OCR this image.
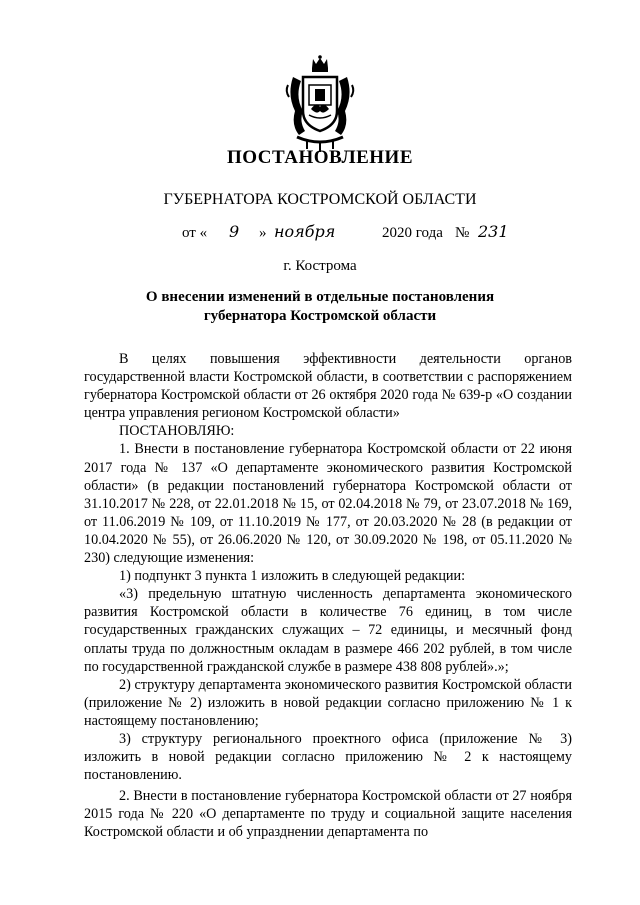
ПОСТАНОВЛЕНИЕ
ГУБЕРНАТОРА КОСТРОМСКОЙ ОБЛАСТИ
от « 9 » ноября	2020 года № 231
г. Кострома
О внесении изменений в отдельные постановления
губернатора Костромской области

В целях повышения эффективности деятельности органов государственной власти Костромской области, в соответствии с распоряжением губернатора Костромской области от 26 октября 2020 года № 639-р «О создании центра управления регионом Костромской области»

ПОСТАНОВЛЯЮ:

1. Внести в постановление губернатора Костромской области от 22 июня 2017 года № 137 «О департаменте экономического развития Костромской области» (в редакции постановлений губернатора Костромской области от 31.10.2017 № 228, от 22.01.2018 № 15, от 02.04.2018 № 79, от 23.07.2018 № 169, от 11.06.2019 № 109, от 11.10.2019 № 177, от 20.03.2020 № 28 (в редакции от 10.04.2020 № 55), от 26.06.2020 № 120, от 30.09.2020 № 198, от 05.11.2020 № 230) следующие изменения:

1) подпункт 3 пункта 1 изложить в следующей редакции:

«3) предельную штатную численность департамента экономического развития Костромской области в количестве 76 единиц, в том числе государственных гражданских служащих – 72 единицы, и месячный фонд оплаты труда по должностным окладам в размере 466 202 рублей, в том числе по государственной гражданской службе в размере 438 808 рублей».»;

2) структуру департамента экономического развития Костромской области (приложение № 2) изложить в новой редакции согласно приложению № 1 к настоящему постановлению;

3) структуру регионального проектного офиса (приложение № 3) изложить в новой редакции согласно приложению № 2 к настоящему постановлению.

2. Внести в постановление губернатора Костромской области от 27 ноября 2015 года № 220 «О департаменте по труду и социальной защите населения Костромской области и об упразднении департамента по
